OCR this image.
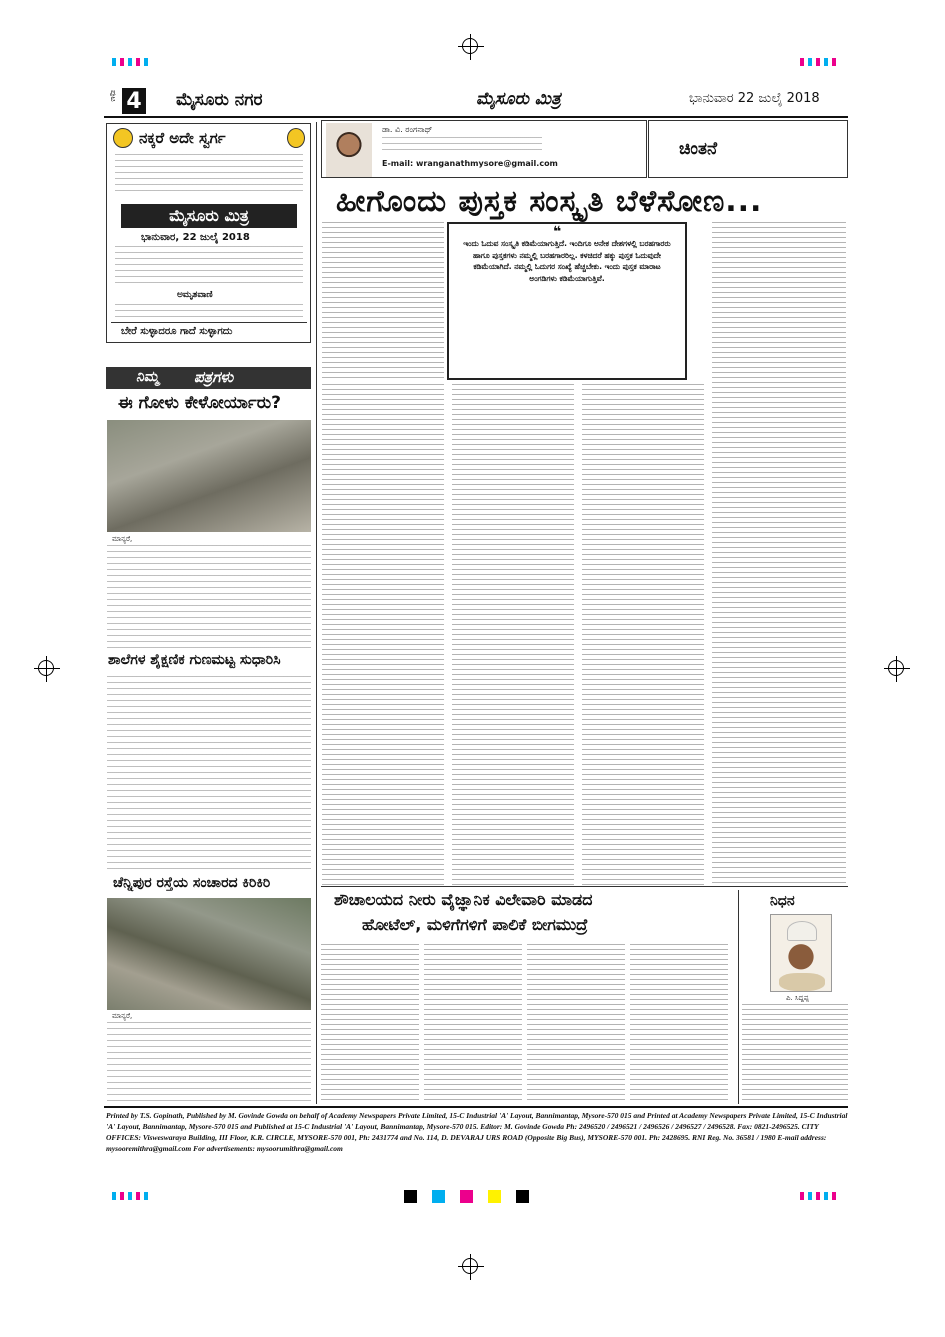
ಪುಟ 4 ಮೈಸೂರು ನಗರ	ಮೈಸೂರು ಮಿತ್ರ	ಭಾನುವಾರ 22 ಜುಲೈ 2018
ನಕ್ಕರೆ ಅದೇ ಸ್ವರ್ಗ
ಮೈಸೂರು ಮಿತ್ರ
ಭಾನುವಾರ, 22 ಜುಲೈ 2018
ಅಮೃತವಾಣಿ
ಬೇರೆ ಸುಳ್ಳಾದರೂ ಗಾದೆ ಸುಳ್ಳಾಗದು
ನಿಮ್ಮ ಪತ್ರಗಳು
ಈ ಗೋಳು ಕೇಳೋರ್ಯಾರು?
ಮಾನ್ಯರೆ,
ಶಾಲೆಗಳ ಶೈಕ್ಷಣಿಕ ಗುಣಮಟ್ಟ ಸುಧಾರಿಸಿ
ಚೆನ್ನಿಪುರ ರಸ್ತೆಯ ಸಂಚಾರದ ಕಿರಿಕಿರಿ
ಮಾನ್ಯರೆ,
ಡಾ. ವಿ. ರಂಗನಾಥ್
E-mail: wranganathmysore@gmail.com
ಚಿಂತನೆ
ಹೀಗೊಂದು ಪುಸ್ತಕ ಸಂಸ್ಕೃತಿ ಬೆಳೆಸೋಣ...
❝
ಇಂದು ಓದುವ ಸಂಸ್ಕೃತಿ ಕಡಿಮೆಯಾಗುತ್ತಿದೆ. ಇಂದಿಗೂ ಅನೇಕ ದೇಶಗಳಲ್ಲಿ ಬರಹಗಾರರು ಹಾಗೂ ಪುಸ್ತಕಗಳು ನಮ್ಮಲ್ಲಿ ಬರಹಗಾರರಿಲ್ಲ. ಕಳಚಿದರೆ ಹಕ್ಕು ಪುಸ್ತಕ ಓದುವುದೇ ಕಡಿಮೆಯಾಗಿದೆ. ನಮ್ಮಲ್ಲಿ ಓದುಗರ ಸಂಖ್ಯೆ ಹೆಚ್ಚಬೇಕು. ಇಂದು ಪುಸ್ತಕ ಮಾರಾಟ ಅಂಗಡಿಗಳು ಕಡಿಮೆಯಾಗುತ್ತಿವೆ.
ಶೌಚಾಲಯದ ನೀರು ವೈಜ್ಞಾನಿಕ ವಿಲೇವಾರಿ ಮಾಡದ
ಹೋಟೆಲ್, ಮಳಿಗೆಗಳಿಗೆ ಪಾಲಿಕೆ ಬೀಗಮುದ್ರೆ
ನಿಧನ
ಪಿ. ಸಿದ್ದಪ್ಪ
Printed by T.S. Gopinath, Published by M. Govinde Gowda on behalf of Academy Newspapers Private Limited, 15-C Industrial 'A' Layout, Bannimantap, Mysore-570 015 and Printed at Academy Newspapers Private Limited, 15-C Industrial 'A' Layout, Bannimantap, Mysore-570 015 and Published at 15-C Industrial 'A' Layout, Bannimantap, Mysore-570 015. Editor: M. Govinde Gowda Ph: 2496520 / 2496521 / 2496526 / 2496527 / 2496528. Fax: 0821-2496525. CITY OFFICES: Visweswaraya Building, III Floor, K.R. CIRCLE, MYSORE-570 001, Ph: 2431774 and No. 114, D. DEVARAJ URS ROAD (Opposite Big Bus), MYSORE-570 001. Ph: 2428695. RNI Reg. No. 36581 / 1980 E-mail address: mysooremithra@gmail.com For advertisements: mysoorumithra@gmail.com
